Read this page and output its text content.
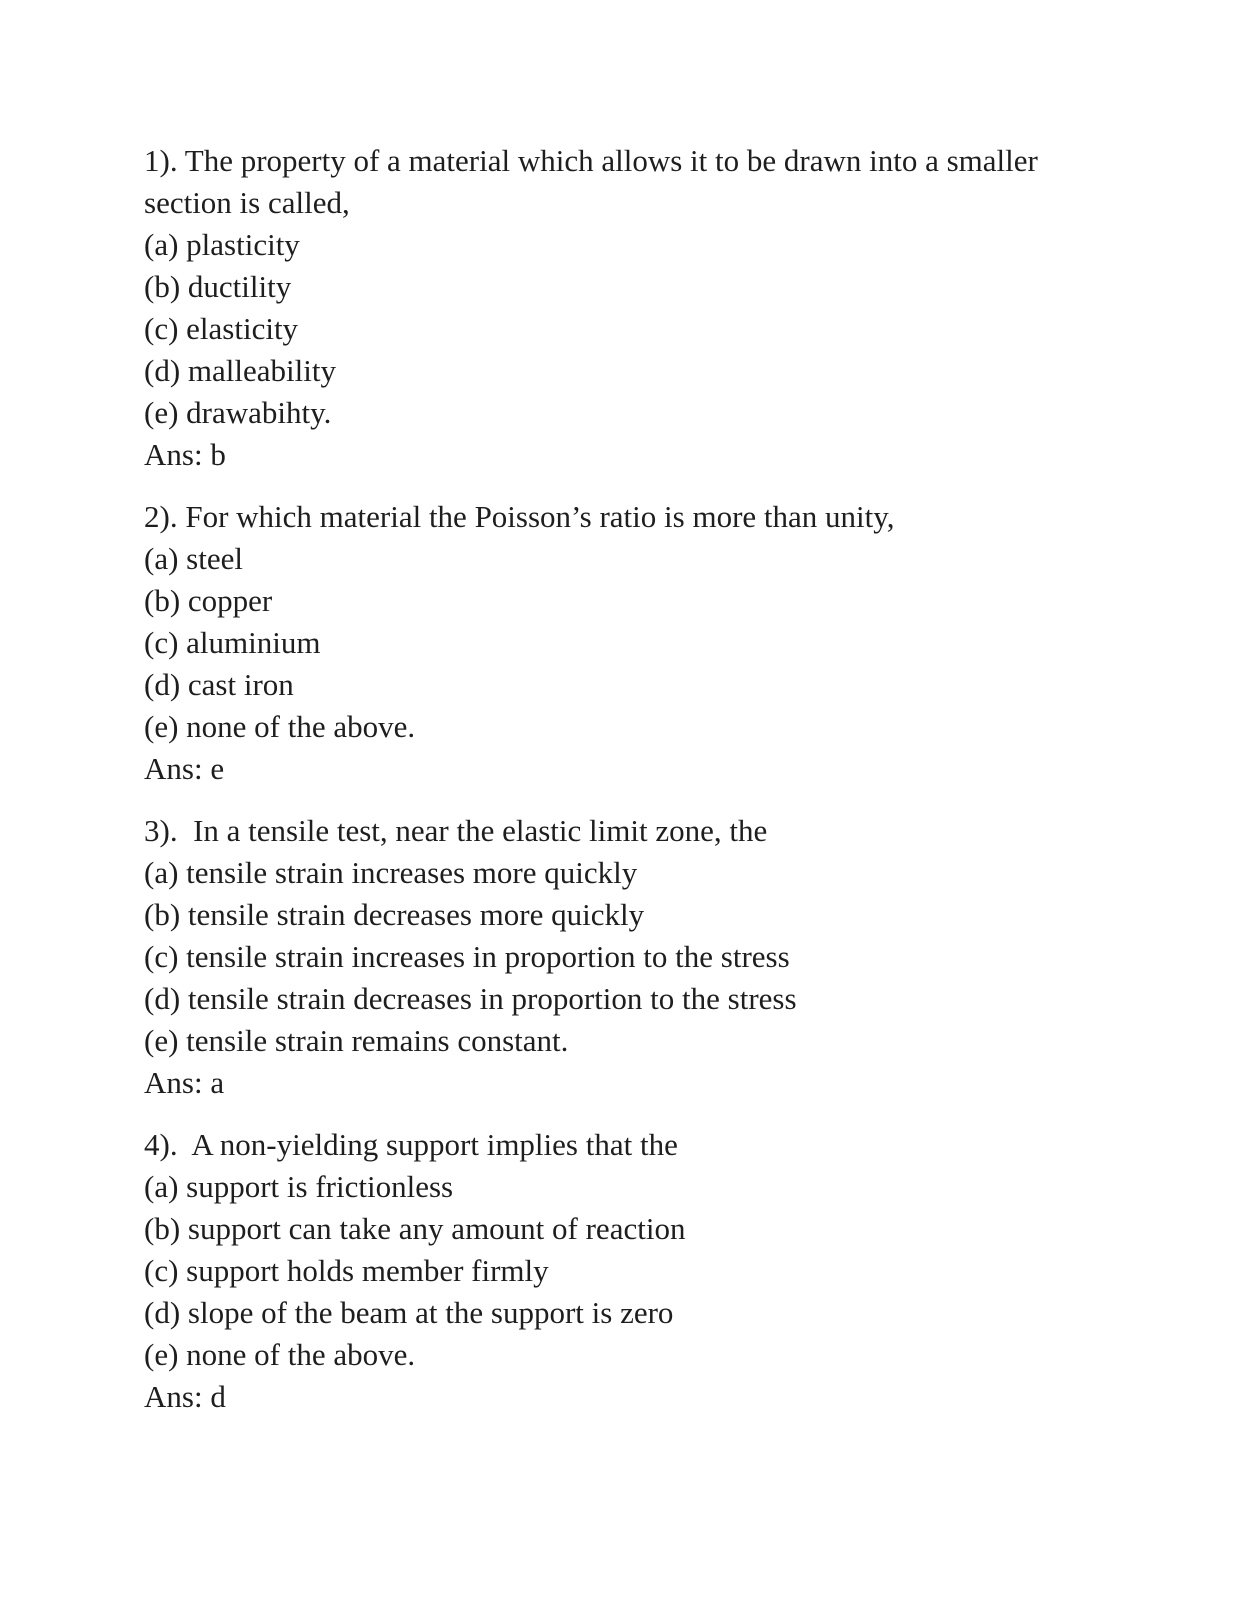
1). The property of a material which allows it to be drawn into a smaller
section is called,
(a) plasticity
(b) ductility
(c) elasticity
(d) malleability
(e) drawabihty.
Ans: b
2). For which material the Poisson’s ratio is more than unity,
(a) steel
(b) copper
(c) aluminium
(d) cast iron
(e) none of the above.
Ans: e
3).  In a tensile test, near the elastic limit zone, the
(a) tensile strain increases more quickly
(b) tensile strain decreases more quickly
(c) tensile strain increases in proportion to the stress
(d) tensile strain decreases in proportion to the stress
(e) tensile strain remains constant.
Ans: a
4).  A non-yielding support implies that the
(a) support is frictionless
(b) support can take any amount of reaction
(c) support holds member firmly
(d) slope of the beam at the support is zero
(e) none of the above.
Ans: d
